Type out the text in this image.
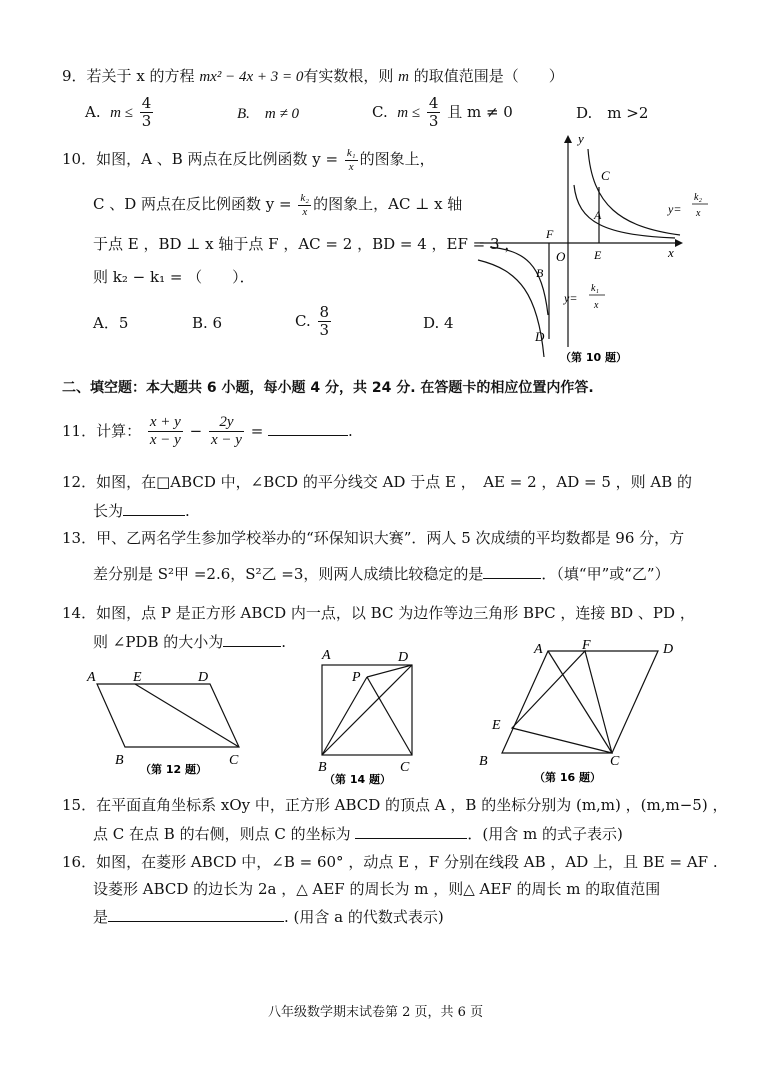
9．若关于 x 的方程 mx² − 4x + 3 = 0有实数根，则 m 的取值范围是（　　）
A. $m \le \frac{4}{3}$	B.　m ≠ 0	C. $m \le \frac{4}{3}$ 且 m ≠ 0	D.　m >2
10．如图，A 、B 两点在反比例函数 $y = \frac{\text{k₁}}{x}$ 的图象上，
C 、D 两点在反比例函数 $y = \frac{\text{k₂}}{x}$ 的图象上，AC ⊥ x 轴
于点 E ，BD ⊥ x 轴于点 F ，AC = 2 ，BD = 4 ，EF = 3 ，
则 k₂ − k₁ = （　　）．
A．5	B. 6	C. $\frac{8}{3}$	D. 4
y
x
O
C
A
E
F
B
D
y=
k₂
x
y=
k₁
x
（第 10 题）
二、填空题：本大题共 6 小题，每小题 4 分，共 24 分. 在答题卡的相应位置内作答.
11．计算： $\frac{x + y}{x - y} - \frac{2y}{x - y}$ =	.
12．如图，在□ABCD 中，∠BCD 的平分线交 AD 于点 E ，　AE = 2 ，AD = 5 ，则 AB 的
长为	.
13．甲、乙两名学生参加学校举办的“环保知识大赛”．两人 5 次成绩的平均数都是 96 分，方
差分别是 S²甲 =2.6，S²乙 =3，则两人成绩比较稳定的是	．（填“甲”或“乙”）
14．如图，点 P 是正方形 ABCD 内一点，以 BC 为边作等边三角形 BPC ，连接 BD 、PD ，
则 ∠PDB 的大小为	.
A	E	D
B	C
（第 12 题）
A	D
P
B	C
（第 14 题）
A	F	D
E
B	C
（第 16 题）
15．在平面直角坐标系 xOy 中，正方形 ABCD 的顶点 A ，B 的坐标分别为 (m,m) ，(m,m−5) ，
点 C 在点 B 的右侧，则点 C 的坐标为	．(用含 m 的式子表示)
16．如图，在菱形 ABCD 中，∠B = 60° ，动点 E ，F 分别在线段 AB ，AD 上，且 BE = AF .
设菱形 ABCD 的边长为 2a ，△ AEF 的周长为 m ，则△ AEF 的周长 m 的取值范围
是	. (用含 a 的代数式表示)
八年级数学期末试卷第 2 页，共 6 页
